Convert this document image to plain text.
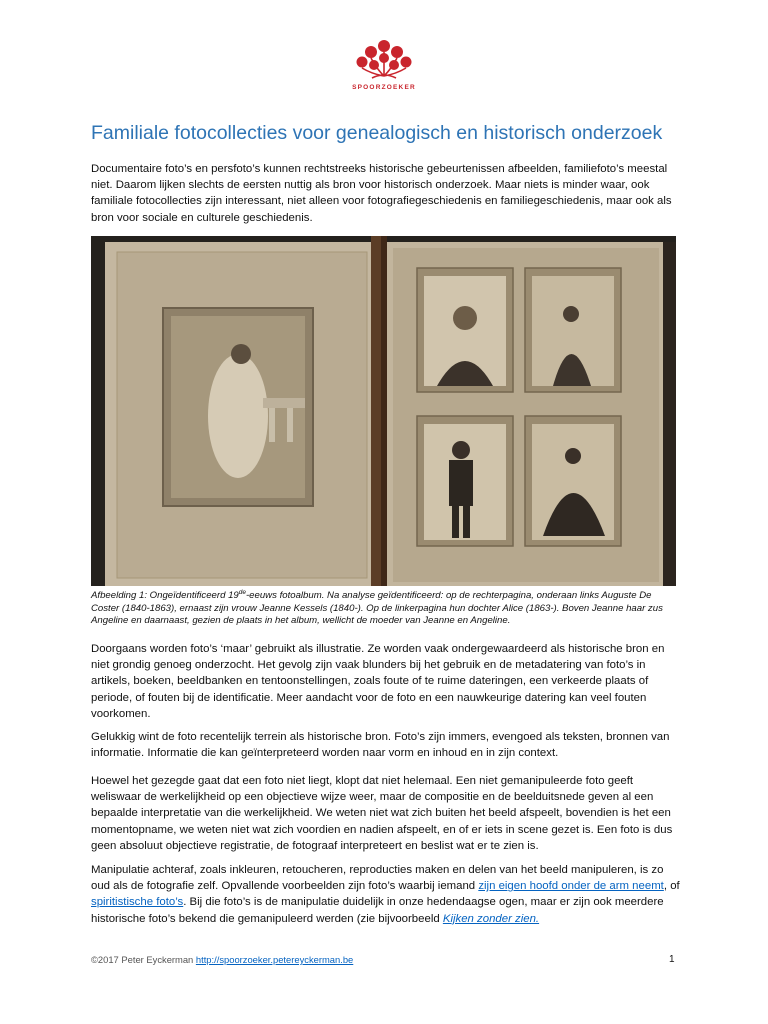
SPOORZOEKER
Familiale fotocollecties voor genealogisch en historisch onderzoek

Documentaire foto’s en persfoto’s kunnen rechtstreeks historische gebeurtenissen afbeelden, familiefoto’s meestal niet. Daarom lijken slechts de eersten nuttig als bron voor historisch onderzoek. Maar niets is minder waar, ook familiale fotocollecties zijn interessant, niet alleen voor fotografiegeschiedenis en familiegeschiedenis, maar ook als bron voor sociale en culturele geschiedenis.

Afbeelding 1: Ongeïdentificeerd 19de-eeuws fotoalbum. Na analyse geïdentificeerd: op de rechterpagina, onderaan links Auguste De Coster (1840-1863), ernaast zijn vrouw Jeanne Kessels (1840-). Op de linkerpagina hun dochter Alice (1863-). Boven Jeanne haar zus Angeline en daarnaast, gezien de plaats in het album, wellicht de moeder van Jeanne en Angeline.

Doorgaans worden foto’s ‘maar’ gebruikt als illustratie. Ze worden vaak ondergewaardeerd als historische bron en niet grondig genoeg onderzocht. Het gevolg zijn vaak blunders bij het gebruik en de metadatering van foto’s in artikels, boeken, beeldbanken en tentoonstellingen, zoals foute of te ruime dateringen, een verkeerde plaats of periode, of fouten bij de identificatie. Meer aandacht voor de foto en een nauwkeurige datering kan veel fouten voorkomen.

Gelukkig wint de foto recentelijk terrein als historische bron. Foto’s zijn immers, evengoed als teksten, bronnen van informatie. Informatie die kan geïnterpreteerd worden naar vorm en inhoud en in zijn context.

Hoewel het gezegde gaat dat een foto niet liegt, klopt dat niet helemaal. Een niet gemanipuleerde foto geeft weliswaar de werkelijkheid op een objectieve wijze weer, maar de compositie en de beelduitsnede geven al een bepaalde interpretatie van die werkelijkheid. We weten niet wat zich buiten het beeld afspeelt, bovendien is het een momentopname, we weten niet wat zich voordien en nadien afspeelt, en of er iets in scene gezet is. Een foto is dus geen absoluut objectieve registratie, de fotograaf interpreteert en beslist wat er te zien is.

Manipulatie achteraf, zoals inkleuren, retoucheren, reproducties maken en delen van het beeld manipuleren, is zo oud als de fotografie zelf. Opvallende voorbeelden zijn foto’s waarbij iemand zijn eigen hoofd onder de arm neemt, of spiritistische foto’s. Bij die foto’s is de manipulatie duidelijk in onze hedendaagse ogen, maar er zijn ook meerdere historische foto’s bekend die gemanipuleerd werden (zie bijvoorbeeld Kijken zonder zien.

©2017 Peter Eyckerman http://spoorzoeker.petereyckerman.be	1
